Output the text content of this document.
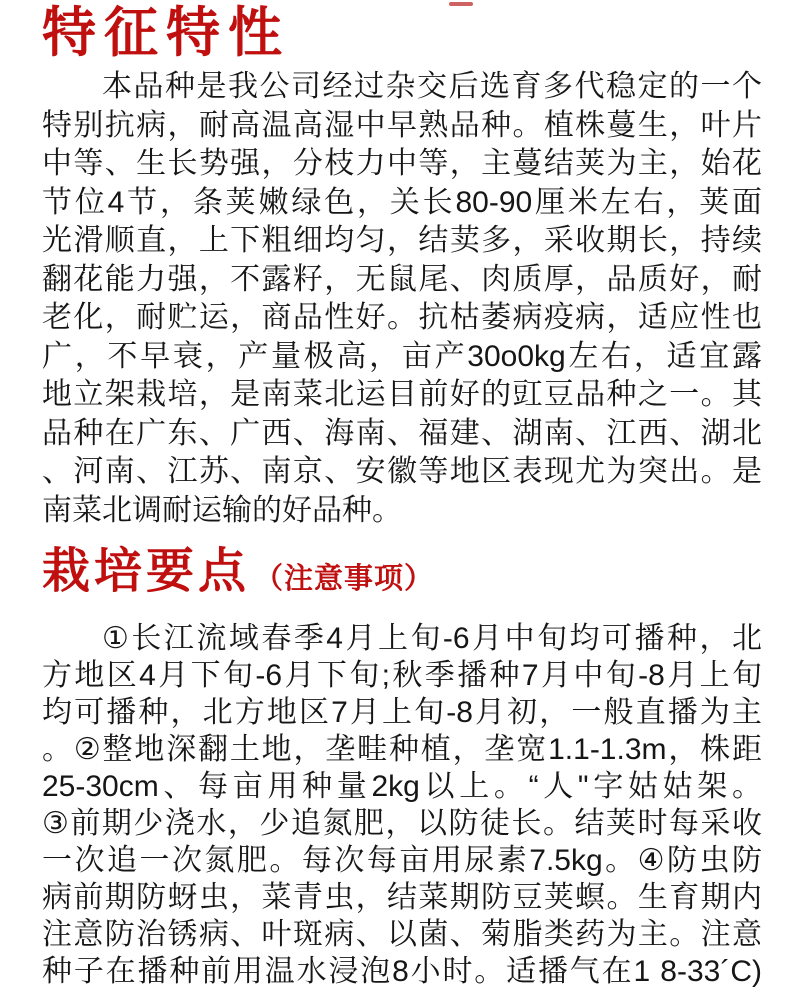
特征特性
本品种是我公司经过杂交后选育多代稳定的一个
特别抗病，耐高温高湿中早熟品种。植株蔓生，叶片
中等、生长势强，分枝力中等，主蔓结荚为主，始花
节位4节，条荚嫩绿色，关长80-90厘米左右，荚面
光滑顺直，上下粗细均匀，结荬多，采收期长，持续
翻花能力强，不露籽，无鼠尾、肉质厚，品质好，耐
老化，耐贮运，商品性好。抗枯萎病疫病，适应性也
广，不早衰，产量极高，亩产30o0kg左右，适宜露
地立架栽培，是南菜北运目前好的豇豆品种之一。其
品种在广东、广西、海南、福建、湖南、江西、湖北
、河南、江苏、南京、安徽等地区表现尤为突出。是
南菜北调耐运输的好品种。
栽培要点 （注意事项）
①长江流域春季4月上旬-6月中旬均可播种，北
方地区4月下旬-6月下旬;秋季播种7月中旬-8月上旬
均可播种，北方地区7月上旬-8月初，一般直播为主
。②整地深翻土地，垄畦种植，垄宽1.1-1.3m，株距
25-30cm、每亩用种量2kg以上。“人"字姑姑架。
③前期少浇水，少追氮肥，以防徒长。结荚时每采收
一次追一次氮肥。每次每亩用尿素7.5kg。④防虫防
病前期防蚜虫，菜青虫，结菜期防豆荚螟。生育期内
注意防治锈病、叶斑病、以菌、菊脂类药为主。注意
种子在播种前用温水浸泡8小时。适播气在1 8-33´C)
